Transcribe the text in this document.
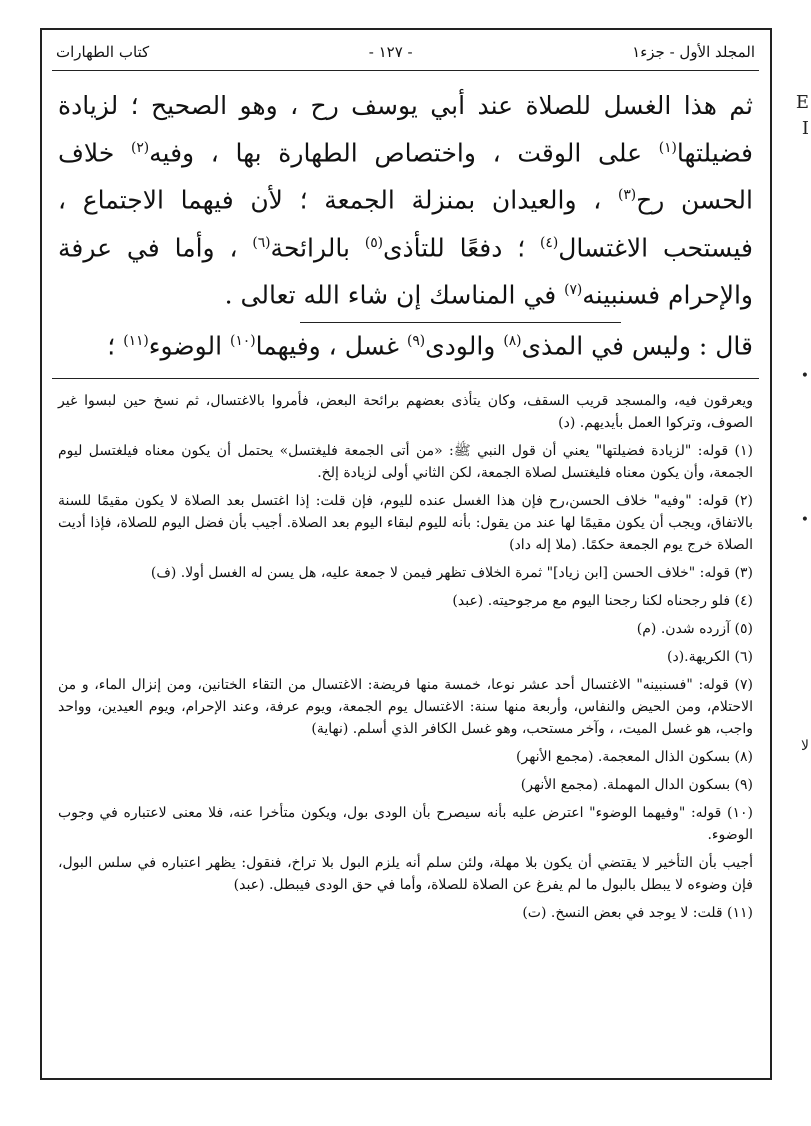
المجلد الأول - جزء١
- ١٢٧ -
كتاب الطهارات

ثم هذا الغسل للصلاة عند أبي يوسف رح ، وهو الصحيح ؛ لزيادة فضيلتها$^{(١)}$ على الوقت ، واختصاص الطهارة بها ، وفيه$^{(٢)}$ خلاف الحسن رح$^{(٣)}$ ، والعيدان بمنزلة الجمعة ؛ لأن فيهما الاجتماع ، فيستحب الاغتسال$^{(٤)}$ ؛ دفعًا للتأذى$^{(٥)}$ بالرائحة$^{(٦)}$ ، وأما في عرفة والإحرام فسنبينه$^{(٧)}$ في المناسك إن شاء الله تعالى .

قال : وليس في المذى$^{(٨)}$ والودى$^{(٩)}$ غسل ، وفيهما$^{(١٠)}$ الوضوء$^{(١١)}$ ؛

ويعرقون فيه، والمسجد قريب السقف، وكان يتأذى بعضهم برائحة البعض، فأمروا بالاغتسال، ثم نسخ حين لبسوا غير الصوف، وتركوا العمل بأيديهم. (د)

(١) قوله: "لزيادة فضيلتها" يعني أن قول النبي ﷺ: «من أتى الجمعة فليغتسل» يحتمل أن يكون معناه فيلغتسل ليوم الجمعة، وأن يكون معناه فليغتسل لصلاة الجمعة، لكن الثاني أولى لزيادة إلخ.

(٢) قوله: "وفيه" خلاف الحسن،رح فإن هذا الغسل عنده لليوم، فإن قلت: إذا اغتسل بعد الصلاة لا يكون مقيمًا للسنة بالاتفاق، ويجب أن يكون مقيمًا لها عند من يقول: بأنه لليوم لبقاء اليوم بعد الصلاة. أجيب بأن فضل اليوم للصلاة، فإذا أديت الصلاة خرج يوم الجمعة حكمًا. (ملا إله داد)

(٣) قوله: "خلاف الحسن [ابن زياد]" ثمرة الخلاف تظهر فيمن لا جمعة عليه، هل يسن له الغسل أولا. (ف)

(٤) فلو رجحناه لكنا رجحنا اليوم مع مرجوحيته. (عبد)

(٥) آزرده شدن. (م)

(٦) الكريهة.(د)

(٧) قوله: "فسنبينه" الاغتسال أحد عشر نوعا، خمسة منها فريضة: الاغتسال من التقاء الختانين، ومن إنزال الماء، و من الاحتلام، ومن الحيض والنفاس، وأربعة منها سنة: الاغتسال يوم الجمعة، ويوم عرفة، وعند الإحرام، ويوم العيدين، وواحد واجب، هو غسل الميت، ، وآخر مستحب، وهو غسل الكافر الذي أسلم. (نهاية)

(٨) بسكون الذال المعجمة. (مجمع الأنهر)

(٩) بسكون الدال المهملة. (مجمع الأنهر)

(١٠) قوله: "وفيهما الوضوء" اعترض عليه بأنه سيصرح بأن الودى بول، ويكون متأخرا عنه، فلا معنى لاعتباره في وجوب الوضوء.

أجيب بأن التأخير لا يقتضي أن يكون بلا مهلة، ولئن سلم أنه يلزم البول بلا تراخ، فنقول: يظهر اعتباره في سلس البول، فإن وضوءه لا يبطل بالبول ما لم يفرغ عن الصلاة للصلاة، وأما في حق الودى فيبطل. (عبد)

(١١) قلت: لا يوجد في بعض النسخ. (ت)

E
I
•
•
ﻻ
